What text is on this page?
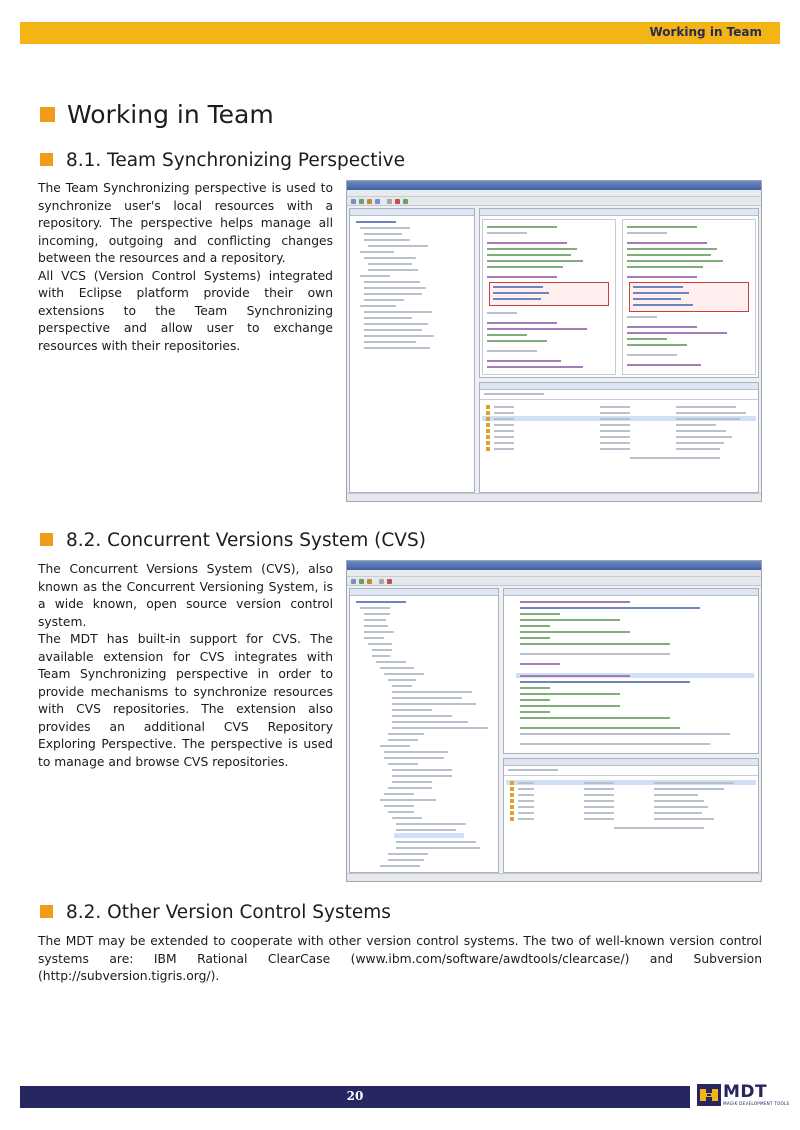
Working in Team
Working in Team
8.1. Team Synchronizing Perspective

The Team Synchronizing perspective is used to synchronize user's local resources with a repository. The perspective helps manage all incoming, outgoing and conflicting changes between the resources and a repository.

All VCS (Version Control Systems) integrated with Eclipse platform provide their own extensions to the Team Synchronizing perspective and allow user to exchange resources with their repositories.

8.2. Concurrent Versions System (CVS)

The Concurrent Versions System (CVS), also known as the Concurrent Versioning System, is a wide known, open source version control system.

The MDT has built-in support for CVS. The available extension for CVS integrates with Team Synchronizing perspective in order to provide mechanisms to synchronize resources with CVS repositories. The extension also provides an additional CVS Repository Exploring Perspective. The perspective is used to manage and browse CVS repositories.

8.2. Other Version Control Systems

The MDT may be extended to cooperate with other version control systems. The two of well-known version control systems are: IBM Rational ClearCase (www.ibm.com/software/awdtools/clearcase/) and Subversion (http://subversion.tigris.org/).

20	MDT
MAGIK DEVELOPMENT TOOLS
